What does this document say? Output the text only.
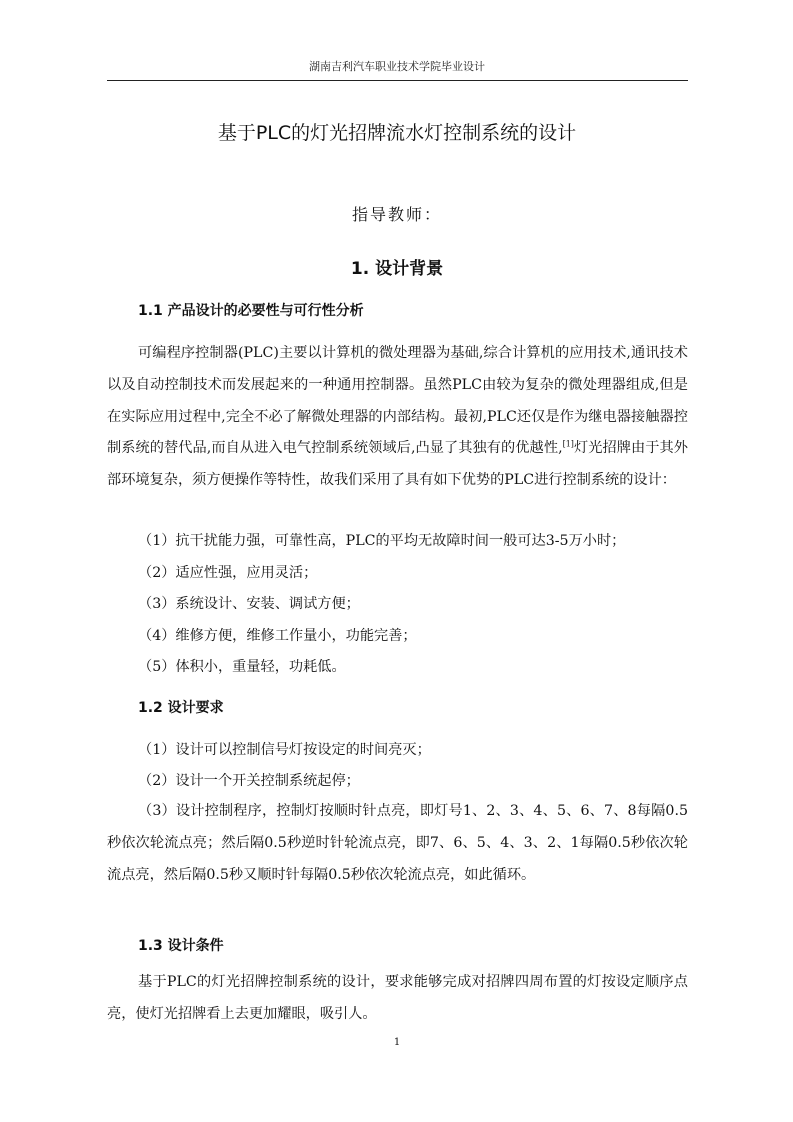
湖南吉利汽车职业技术学院毕业设计
基于PLC的灯光招牌流水灯控制系统的设计
指导教师：
1. 设计背景
1.1 产品设计的必要性与可行性分析

可编程序控制器(PLC)主要以计算机的微处理器为基础,综合计算机的应用技术,通讯技术以及自动控制技术而发展起来的一种通用控制器。虽然PLC由较为复杂的微处理器组成,但是在实际应用过程中,完全不必了解微处理器的内部结构。最初,PLC还仅是作为继电器接触器控制系统的替代品,而自从进入电气控制系统领域后,凸显了其独有的优越性,[1]灯光招牌由于其外部环境复杂，须方便操作等特性，故我们采用了具有如下优势的PLC进行控制系统的设计：

（1）抗干扰能力强，可靠性高，PLC的平均无故障时间一般可达3-5万小时；
（2）适应性强，应用灵活；
（3）系统设计、安装、调试方便；
（4）维修方便，维修工作量小，功能完善；
（5）体积小，重量轻，功耗低。
1.2 设计要求
（1）设计可以控制信号灯按设定的时间亮灭；
（2）设计一个开关控制系统起停；

（3）设计控制程序，控制灯按顺时针点亮，即灯号1、2、3、4、5、6、7、8每隔0.5秒依次轮流点亮；然后隔0.5秒逆时针轮流点亮，即7、6、5、4、3、2、1每隔0.5秒依次轮流点亮，然后隔0.5秒又顺时针每隔0.5秒依次轮流点亮，如此循环。

1.3 设计条件

基于PLC的灯光招牌控制系统的设计，要求能够完成对招牌四周布置的灯按设定顺序点亮，使灯光招牌看上去更加耀眼，吸引人。

1
